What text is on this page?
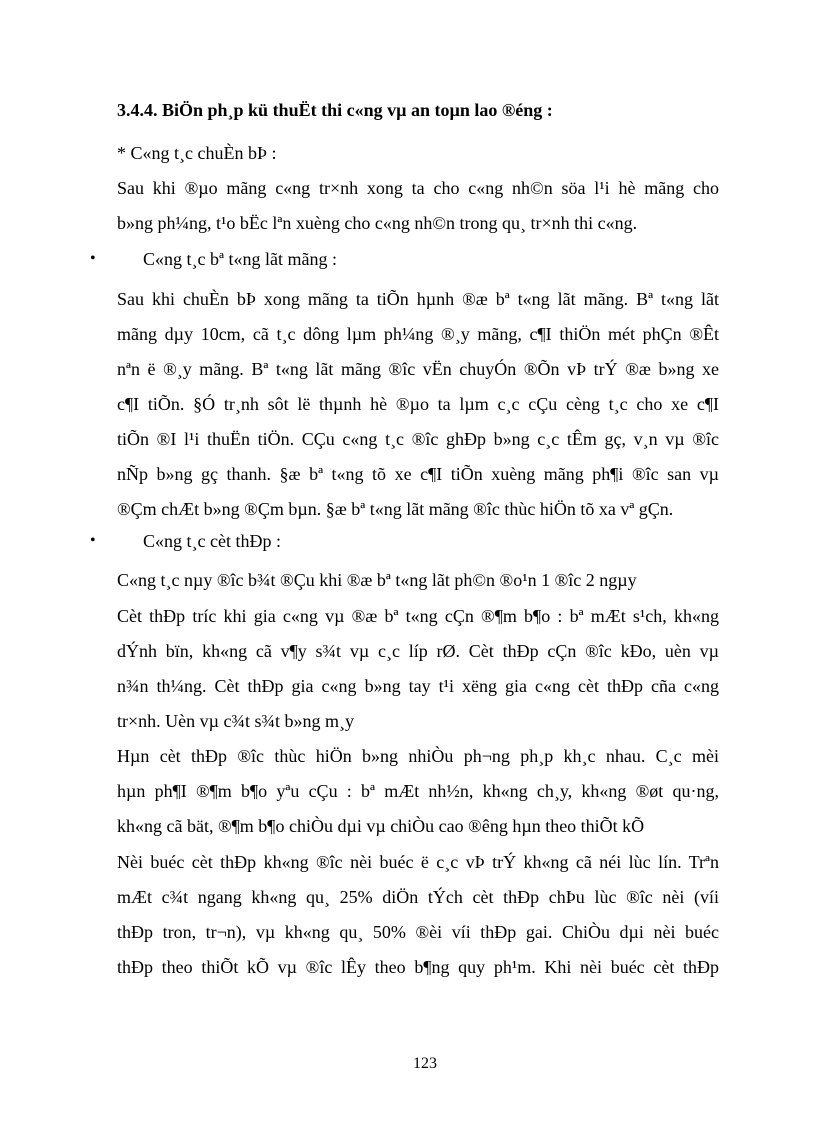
3.4.4. BiÖn ph¸p kü thuËt thi c«ng vµ an toµn lao ®éng :
* C«ng t¸c chuÈn bÞ :
Sau khi ®µo mãng c«ng tr×nh xong ta cho c«ng nh©n söa l¹i hè mãng cho
b»ng ph¼ng, t¹o bËc lªn xuèng cho c«ng nh©n trong qu¸ tr×nh thi c«ng.
•	C«ng t¸c bª t«ng lãt mãng :
Sau khi chuÈn bÞ xong mãng ta tiÕn hµnh ®æ bª t«ng lãt mãng. Bª t«ng lãt
mãng dµy 10cm, cã t¸c dông lµm ph¼ng ®¸y mãng, c¶I thiÖn mét phÇn ®Êt
nªn ë ®¸y mãng. Bª t«ng lãt mãng ®îc vËn chuyÓn ®Õn vÞ trÝ ®æ b»ng xe
c¶I tiÕn. §Ó tr¸nh sôt lë thµnh hè ®µo ta lµm c¸c cÇu cèng t¸c cho xe c¶I
tiÕn ®I l¹i thuËn tiÖn. CÇu c«ng t¸c ®îc ghÐp b»ng c¸c tÊm gç, v¸n vµ ®îc
nÑp b»ng gç thanh. §æ bª t«ng tõ xe c¶I tiÕn xuèng mãng ph¶i ®îc san vµ
®Çm chÆt b»ng ®Çm bµn. §æ bª t«ng lãt mãng ®îc thùc hiÖn tõ xa vª gÇn.
•	C«ng t¸c cèt thÐp :
C«ng t¸c nµy ®îc b¾t ®Çu khi ®æ bª t«ng lãt ph©n ®o¹n 1 ®îc 2 ngµy
Cèt thÐp tríc khi gia c«ng vµ ®æ bª t«ng cÇn ®¶m b¶o : bª mÆt s¹ch, kh«ng
dÝnh bïn, kh«ng cã v¶y s¾t vµ c¸c líp rØ. Cèt thÐp cÇn ®îc kÐo, uèn vµ
n¾n th¼ng. Cèt thÐp gia c«ng b»ng tay t¹i xëng gia c«ng cèt thÐp cña c«ng
tr×nh. Uèn vµ c¾t s¾t b»ng m¸y
Hµn cèt thÐp ®îc thùc hiÖn b»ng nhiÒu ph¬ng ph¸p kh¸c nhau. C¸c mèi
hµn ph¶I ®¶m b¶o yªu cÇu : bª mÆt nh½n, kh«ng ch¸y, kh«ng ®øt qu·ng,
kh«ng cã bät, ®¶m b¶o chiÒu dµi vµ chiÒu cao ®êng hµn theo thiÕt kÕ
Nèi buéc cèt thÐp kh«ng ®îc nèi buéc ë c¸c vÞ trÝ kh«ng cã néi lùc lín. Trªn
mÆt c¾t ngang kh«ng qu¸ 25% diÖn tÝch cèt thÐp chÞu lùc ®îc nèi (víi
thÐp tron, tr¬n), vµ kh«ng qu¸ 50% ®èi víi thÐp gai. ChiÒu dµi nèi buéc
thÐp theo thiÕt kÕ vµ ®îc lÊy theo b¶ng quy ph¹m. Khi nèi buéc cèt thÐp
123
